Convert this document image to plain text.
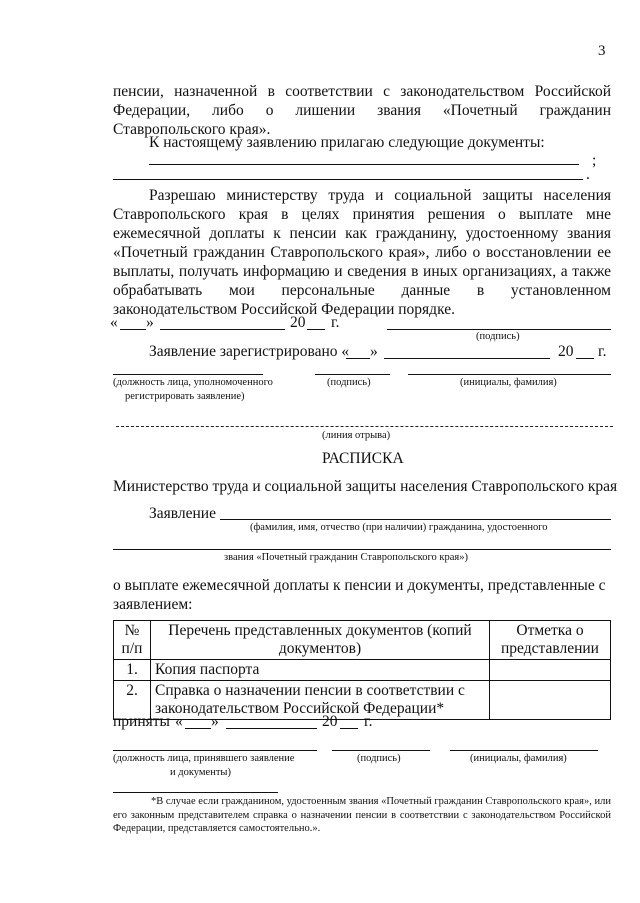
3
пенсии, назначенной в соответствии с законодательством Российской Федерации, либо о лишении звания «Почетный гражданин Ставропольского края».
К настоящему заявлению прилагаю следующие документы:
;
.
Разрешаю министерству труда и социальной защиты населения Ставропольского края в целях принятия решения о выплате мне ежемесячной доплаты к пенсии как гражданину, удостоенному звания «Почетный гражданин Ставропольского края», либо о восстановлении ее выплаты, получать информацию и сведения в иных организациях, а также обрабатывать мои персональные данные в установленном законодательством Российской Федерации порядке.
« »	20 г.
(подпись)
Заявление зарегистрировано « »	20 г.
(должность лица, уполномоченного
регистрировать заявление)
(подпись)	(инициалы, фамилия)
(линия отрыва)
РАСПИСКА
Министерство труда и социальной защиты населения Ставропольского края
Заявление
(фамилия, имя, отчество (при наличии) гражданина, удостоенного
звания «Почетный гражданин Ставропольского края»)
о выплате ежемесячной доплаты к пенсии и документы, представленные с заявлением:
№ п/п	Перечень представленных документов (копий документов)	Отметка о представлении
1.	Копия паспорта	
2.	Справка о назначении пенсии в соответствии с законодательством Российской Федерации*	
приняты « »	20 г.
(должность лица, принявшего заявление
и документы)
(подпись)	(инициалы, фамилия)
*В случае если гражданином, удостоенным звания «Почетный гражданин Ставропольского края», или его законным представителем справка о назначении пенсии в соответствии с законодательством Российской Федерации, представляется самостоятельно.».
